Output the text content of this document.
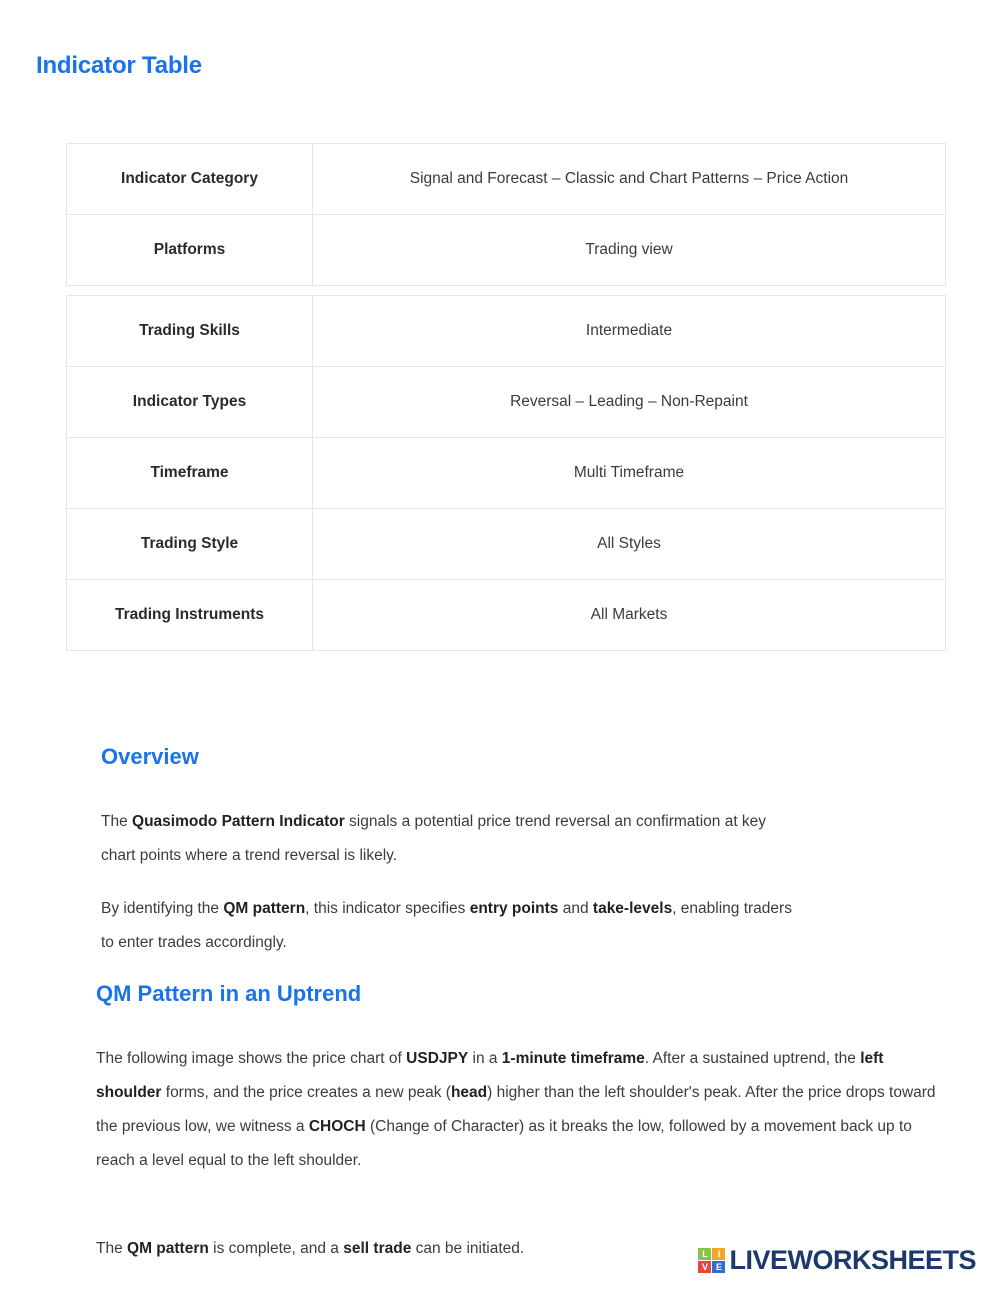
Indicator Table
Indicator Category	Signal and Forecast – Classic and Chart Patterns – Price Action
Platforms	Trading view

Trading Skills	Intermediate
Indicator Types	Reversal – Leading – Non-Repaint
Timeframe	Multi Timeframe
Trading Style	All Styles
Trading Instruments	All Markets
Overview
The Quasimodo Pattern Indicator signals a potential price trend reversal an confirmation at key chart points where a trend reversal is likely.
By identifying the QM pattern, this indicator specifies entry points and take-levels, enabling traders to enter trades accordingly.
QM Pattern in an Uptrend
The following image shows the price chart of USDJPY in a 1-minute timeframe. After a sustained uptrend, the left shoulder forms, and the price creates a new peak (head) higher than the left shoulder's peak. After the price drops toward the previous low, we witness a CHOCH (Change of Character) as it breaks the low, followed by a movement back up to reach a level equal to the left shoulder.
The QM pattern is complete, and a sell trade can be initiated.	L	I
V E LIVEWORKSHEETS
